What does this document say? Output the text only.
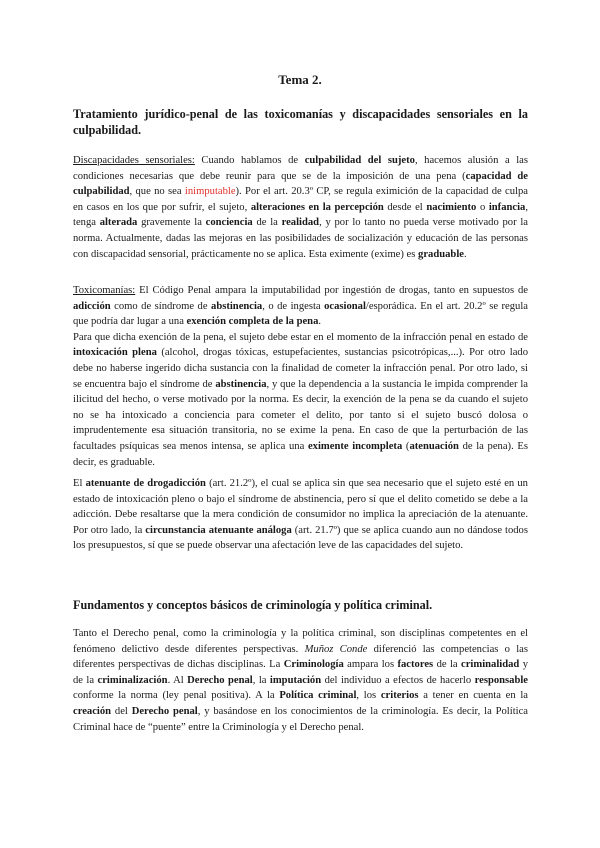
Tema 2.
Tratamiento jurídico-penal de las toxicomanías y discapacidades sensoriales en la culpabilidad.
Discapacidades sensoriales: Cuando hablamos de culpabilidad del sujeto, hacemos alusión a las condiciones necesarias que debe reunir para que se de la imposición de una pena (capacidad de culpabilidad, que no sea inimputable). Por el art. 20.3º CP, se regula eximición de la capacidad de culpa en casos en los que por sufrir, el sujeto, alteraciones en la percepción desde el nacimiento o infancia, tenga alterada gravemente la conciencia de la realidad, y por lo tanto no pueda verse motivado por la norma. Actualmente, dadas las mejoras en las posibilidades de socialización y educación de las personas con discapacidad sensorial, prácticamente no se aplica. Esta eximente (exime) es graduable.

Toxicomanías: El Código Penal ampara la imputabilidad por ingestión de drogas, tanto en supuestos de adicción como de síndrome de abstinencia, o de ingesta ocasional/esporádica. En el art. 20.2º se regula que podría dar lugar a una exención completa de la pena.

Para que dicha exención de la pena, el sujeto debe estar en el momento de la infracción penal en estado de intoxicación plena (alcohol, drogas tóxicas, estupefacientes, sustancias psicotrópicas,...). Por otro lado debe no haberse ingerido dicha sustancia con la finalidad de cometer la infracción penal. Por otro lado, si se encuentra bajo el síndrome de abstinencia, y que la dependencia a la sustancia le impida comprender la ilicitud del hecho, o verse motivado por la norma. Es decir, la exención de la pena se da cuando el sujeto no se ha intoxicado a conciencia para cometer el delito, por tanto si el sujeto buscó dolosa o imprudentemente esa situación transitoria, no se exime la pena. En caso de que la perturbación de las facultades psíquicas sea menos intensa, se aplica una eximente incompleta (atenuación de la pena). Es decir, es graduable.

El atenuante de drogadicción (art. 21.2º), el cual se aplica sin que sea necesario que el sujeto esté en un estado de intoxicación pleno o bajo el síndrome de abstinencia, pero sí que el delito cometido se debe a la adicción. Debe resaltarse que la mera condición de consumidor no implica la apreciación de la atenuante. Por otro lado, la circunstancia atenuante análoga (art. 21.7º) que se aplica cuando aun no dándose todos los presupuestos, sí que se puede observar una afectación leve de las capacidades del sujeto.
Fundamentos y conceptos básicos de criminología y política criminal.
Tanto el Derecho penal, como la criminología y la política criminal, son disciplinas competentes en el fenómeno delictivo desde diferentes perspectivas. Muñoz Conde diferenció las competencias o las diferentes perspectivas de dichas disciplinas. La Criminología ampara los factores de la criminalidad y de la criminalización. Al Derecho penal, la imputación del individuo a efectos de hacerlo responsable conforme la norma (ley penal positiva). A la Política criminal, los criterios a tener en cuenta en la creación del Derecho penal, y basándose en los conocimientos de la criminología. Es decir, la Política Criminal hace de “puente” entre la Criminología y el Derecho penal.
